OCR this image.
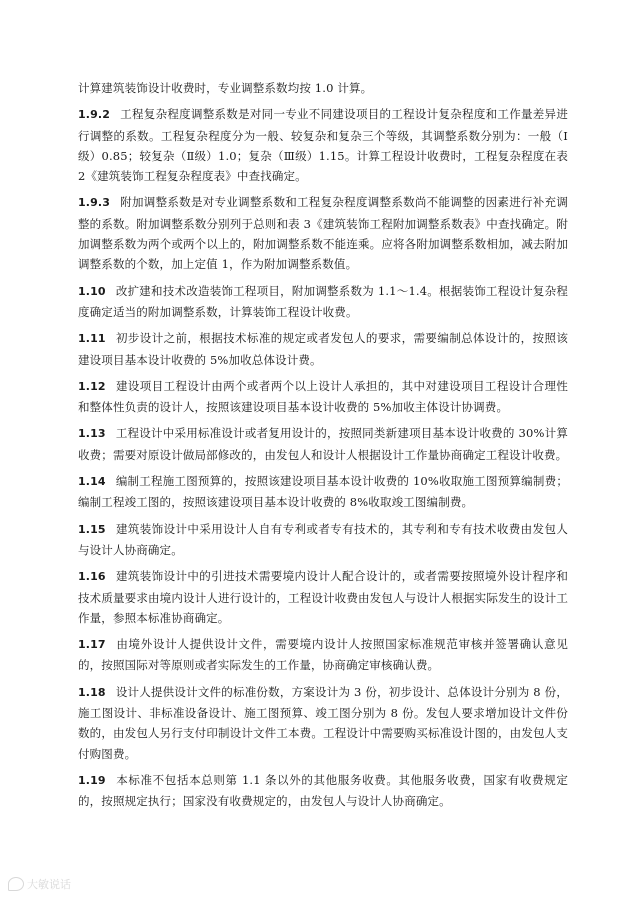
计算建筑装饰设计收费时，专业调整系数均按 1.0 计算。

1.9.2 工程复杂程度调整系数是对同一专业不同建设项目的工程设计复杂程度和工作量差异进行调整的系数。工程复杂程度分为一般、较复杂和复杂三个等级，其调整系数分别为：一般（Ⅰ级）0.85；较复杂（Ⅱ级）1.0；复杂（Ⅲ级）1.15。计算工程设计收费时，工程复杂程度在表 2《建筑装饰工程复杂程度表》中查找确定。

1.9.3 附加调整系数是对专业调整系数和工程复杂程度调整系数尚不能调整的因素进行补充调整的系数。附加调整系数分别列于总则和表 3《建筑装饰工程附加调整系数表》中查找确定。附加调整系数为两个或两个以上的，附加调整系数不能连乘。应将各附加调整系数相加，减去附加调整系数的个数，加上定值 1，作为附加调整系数值。

1.10 改扩建和技术改造装饰工程项目，附加调整系数为 1.1～1.4。根据装饰工程设计复杂程度确定适当的附加调整系数，计算装饰工程设计收费。

1.11 初步设计之前，根据技术标准的规定或者发包人的要求，需要编制总体设计的，按照该建设项目基本设计收费的 5%加收总体设计费。

1.12 建设项目工程设计由两个或者两个以上设计人承担的，其中对建设项目工程设计合理性和整体性负责的设计人，按照该建设项目基本设计收费的 5%加收主体设计协调费。

1.13 工程设计中采用标准设计或者复用设计的，按照同类新建项目基本设计收费的 30%计算收费；需要对原设计做局部修改的，由发包人和设计人根据设计工作量协商确定工程设计收费。

1.14 编制工程施工图预算的，按照该建设项目基本设计收费的 10%收取施工图预算编制费；编制工程竣工图的，按照该建设项目基本设计收费的 8%收取竣工图编制费。

1.15 建筑装饰设计中采用设计人自有专利或者专有技术的，其专利和专有技术收费由发包人与设计人协商确定。

1.16 建筑装饰设计中的引进技术需要境内设计人配合设计的，或者需要按照境外设计程序和技术质量要求由境内设计人进行设计的，工程设计收费由发包人与设计人根据实际发生的设计工作量，参照本标准协商确定。

1.17 由境外设计人提供设计文件，需要境内设计人按照国家标准规范审核并签署确认意见的，按照国际对等原则或者实际发生的工作量，协商确定审核确认费。

1.18 设计人提供设计文件的标准份数，方案设计为 3 份，初步设计、总体设计分别为 8 份，施工图设计、非标准设备设计、施工图预算、竣工图分别为 8 份。发包人要求增加设计文件份数的，由发包人另行支付印制设计文件工本费。工程设计中需要购买标准设计图的，由发包人支付购图费。

1.19 本标准不包括本总则第 1.1 条以外的其他服务收费。其他服务收费，国家有收费规定的，按照规定执行；国家没有收费规定的，由发包人与设计人协商确定。

大敏说话
